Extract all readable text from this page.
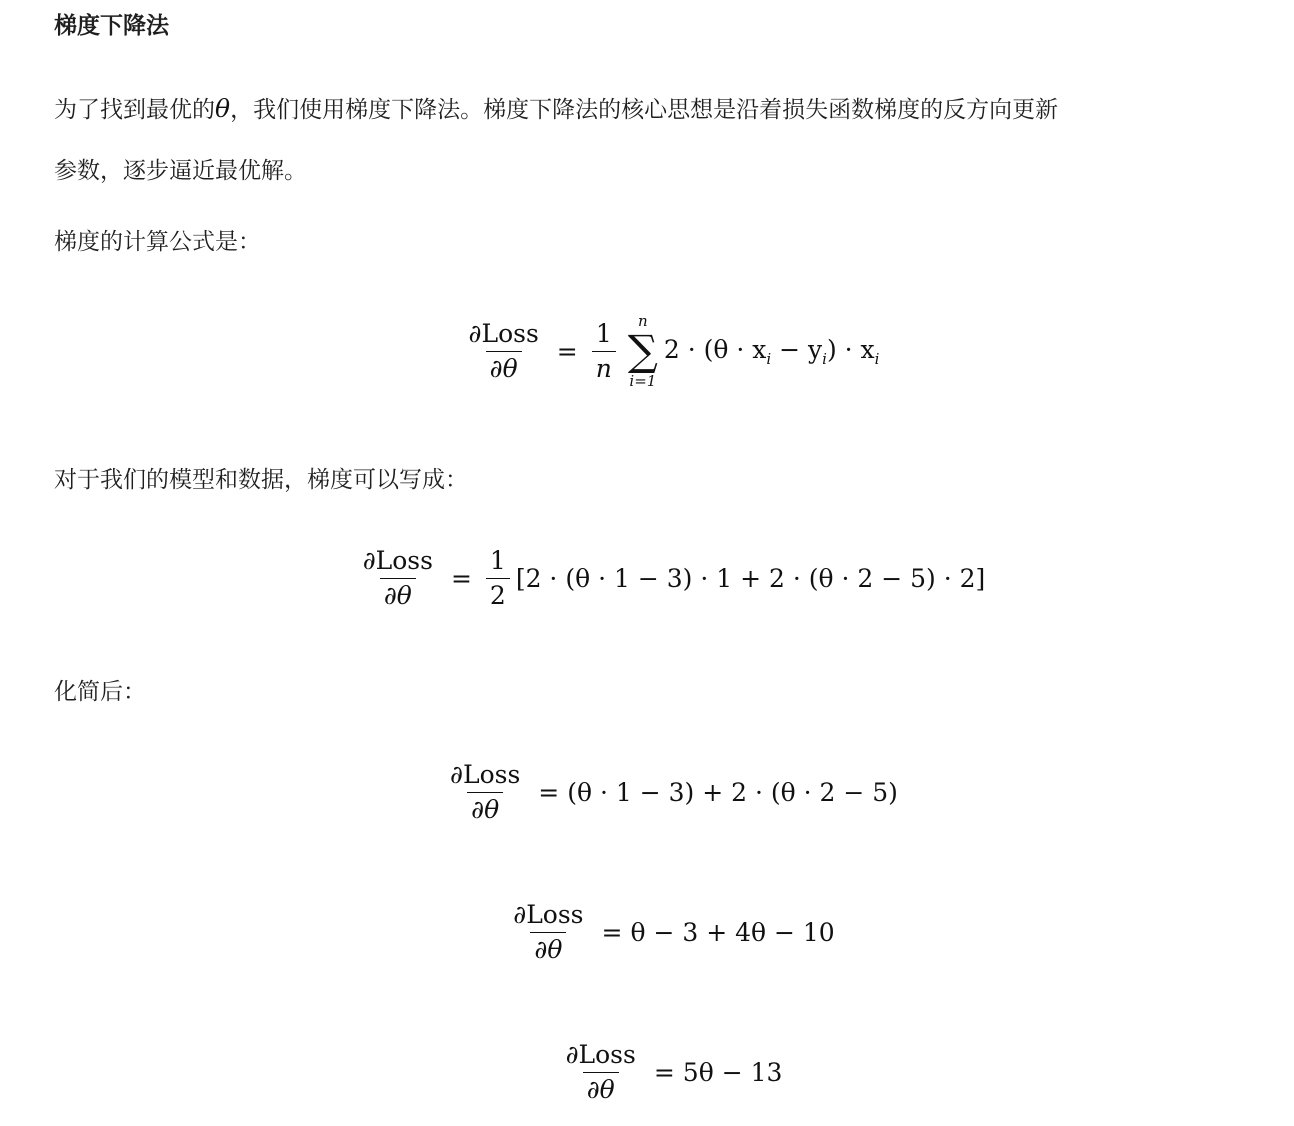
梯度下降法
为了找到最优的θ，我们使用梯度下降法。梯度下降法的核心思想是沿着损失函数梯度的反方向更新
参数，逐步逼近最优解。
梯度的计算公式是：
$\frac{\text{∂Loss}}{\partial\theta} = \frac{1}{n}$ n
∑
i=1
$2 \cdot (\theta \cdot x_i - y_i) \cdot x_i$
对于我们的模型和数据，梯度可以写成：
$\frac{\text{∂Loss}}{\partial\theta} = \frac{1}{2} [2 \cdot (\theta \cdot 1 - 3) \cdot 1 + 2 \cdot (\theta \cdot 2 - 5) \cdot 2]$
化简后：
$\frac{\text{∂Loss}}{\partial\theta} = (\theta \cdot 1 - 3) + 2 \cdot (\theta \cdot 2 - 5)$
$\frac{\text{∂Loss}}{\partial\theta} = \theta - 3 + 4\theta - 10$
$\frac{\text{∂Loss}}{\partial\theta} = 5\theta - 13$
